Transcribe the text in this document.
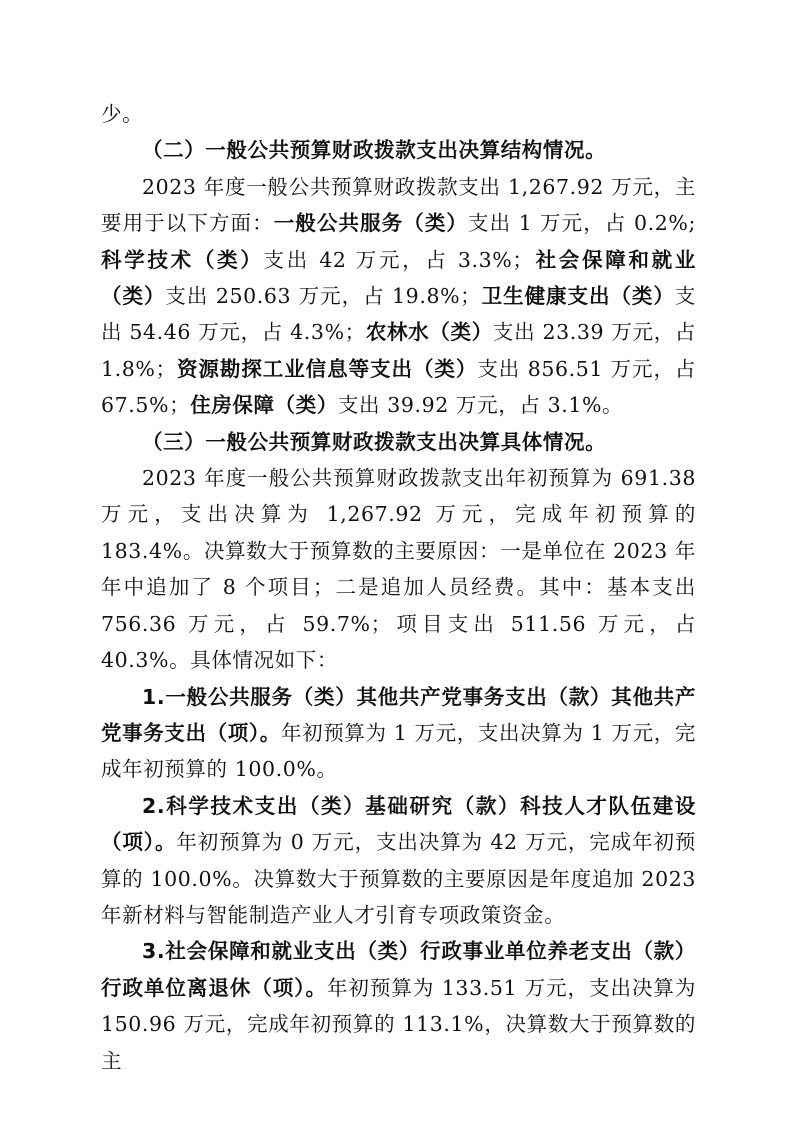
少。

（二）一般公共预算财政拨款支出决算结构情况。

2023 年度一般公共预算财政拨款支出 1,267.92 万元，主要用于以下方面：一般公共服务（类）支出 1 万元，占 0.2%;科学技术（类）支出 42 万元，占 3.3%；社会保障和就业（类）支出 250.63 万元，占 19.8%；卫生健康支出（类）支出 54.46 万元，占 4.3%；农林水（类）支出 23.39 万元，占 1.8%；资源勘探工业信息等支出（类）支出 856.51 万元，占 67.5%；住房保障（类）支出 39.92 万元，占 3.1%。

（三）一般公共预算财政拨款支出决算具体情况。

2023 年度一般公共预算财政拨款支出年初预算为 691.38 万元，支出决算为 1,267.92 万元，完成年初预算的 183.4%。决算数大于预算数的主要原因：一是单位在 2023 年年中追加了 8 个项目；二是追加人员经费。其中：基本支出 756.36 万元，占 59.7%；项目支出 511.56 万元，占 40.3%。具体情况如下：

1.一般公共服务（类）其他共产党事务支出（款）其他共产党事务支出（项）。年初预算为 1 万元，支出决算为 1 万元，完成年初预算的 100.0%。

2.科学技术支出（类）基础研究（款）科技人才队伍建设（项）。年初预算为 0 万元，支出决算为 42 万元，完成年初预算的 100.0%。决算数大于预算数的主要原因是年度追加 2023 年新材料与智能制造产业人才引育专项政策资金。

3.社会保障和就业支出（类）行政事业单位养老支出（款）行政单位离退休（项）。年初预算为 133.51 万元，支出决算为 150.96 万元，完成年初预算的 113.1%，决算数大于预算数的主
